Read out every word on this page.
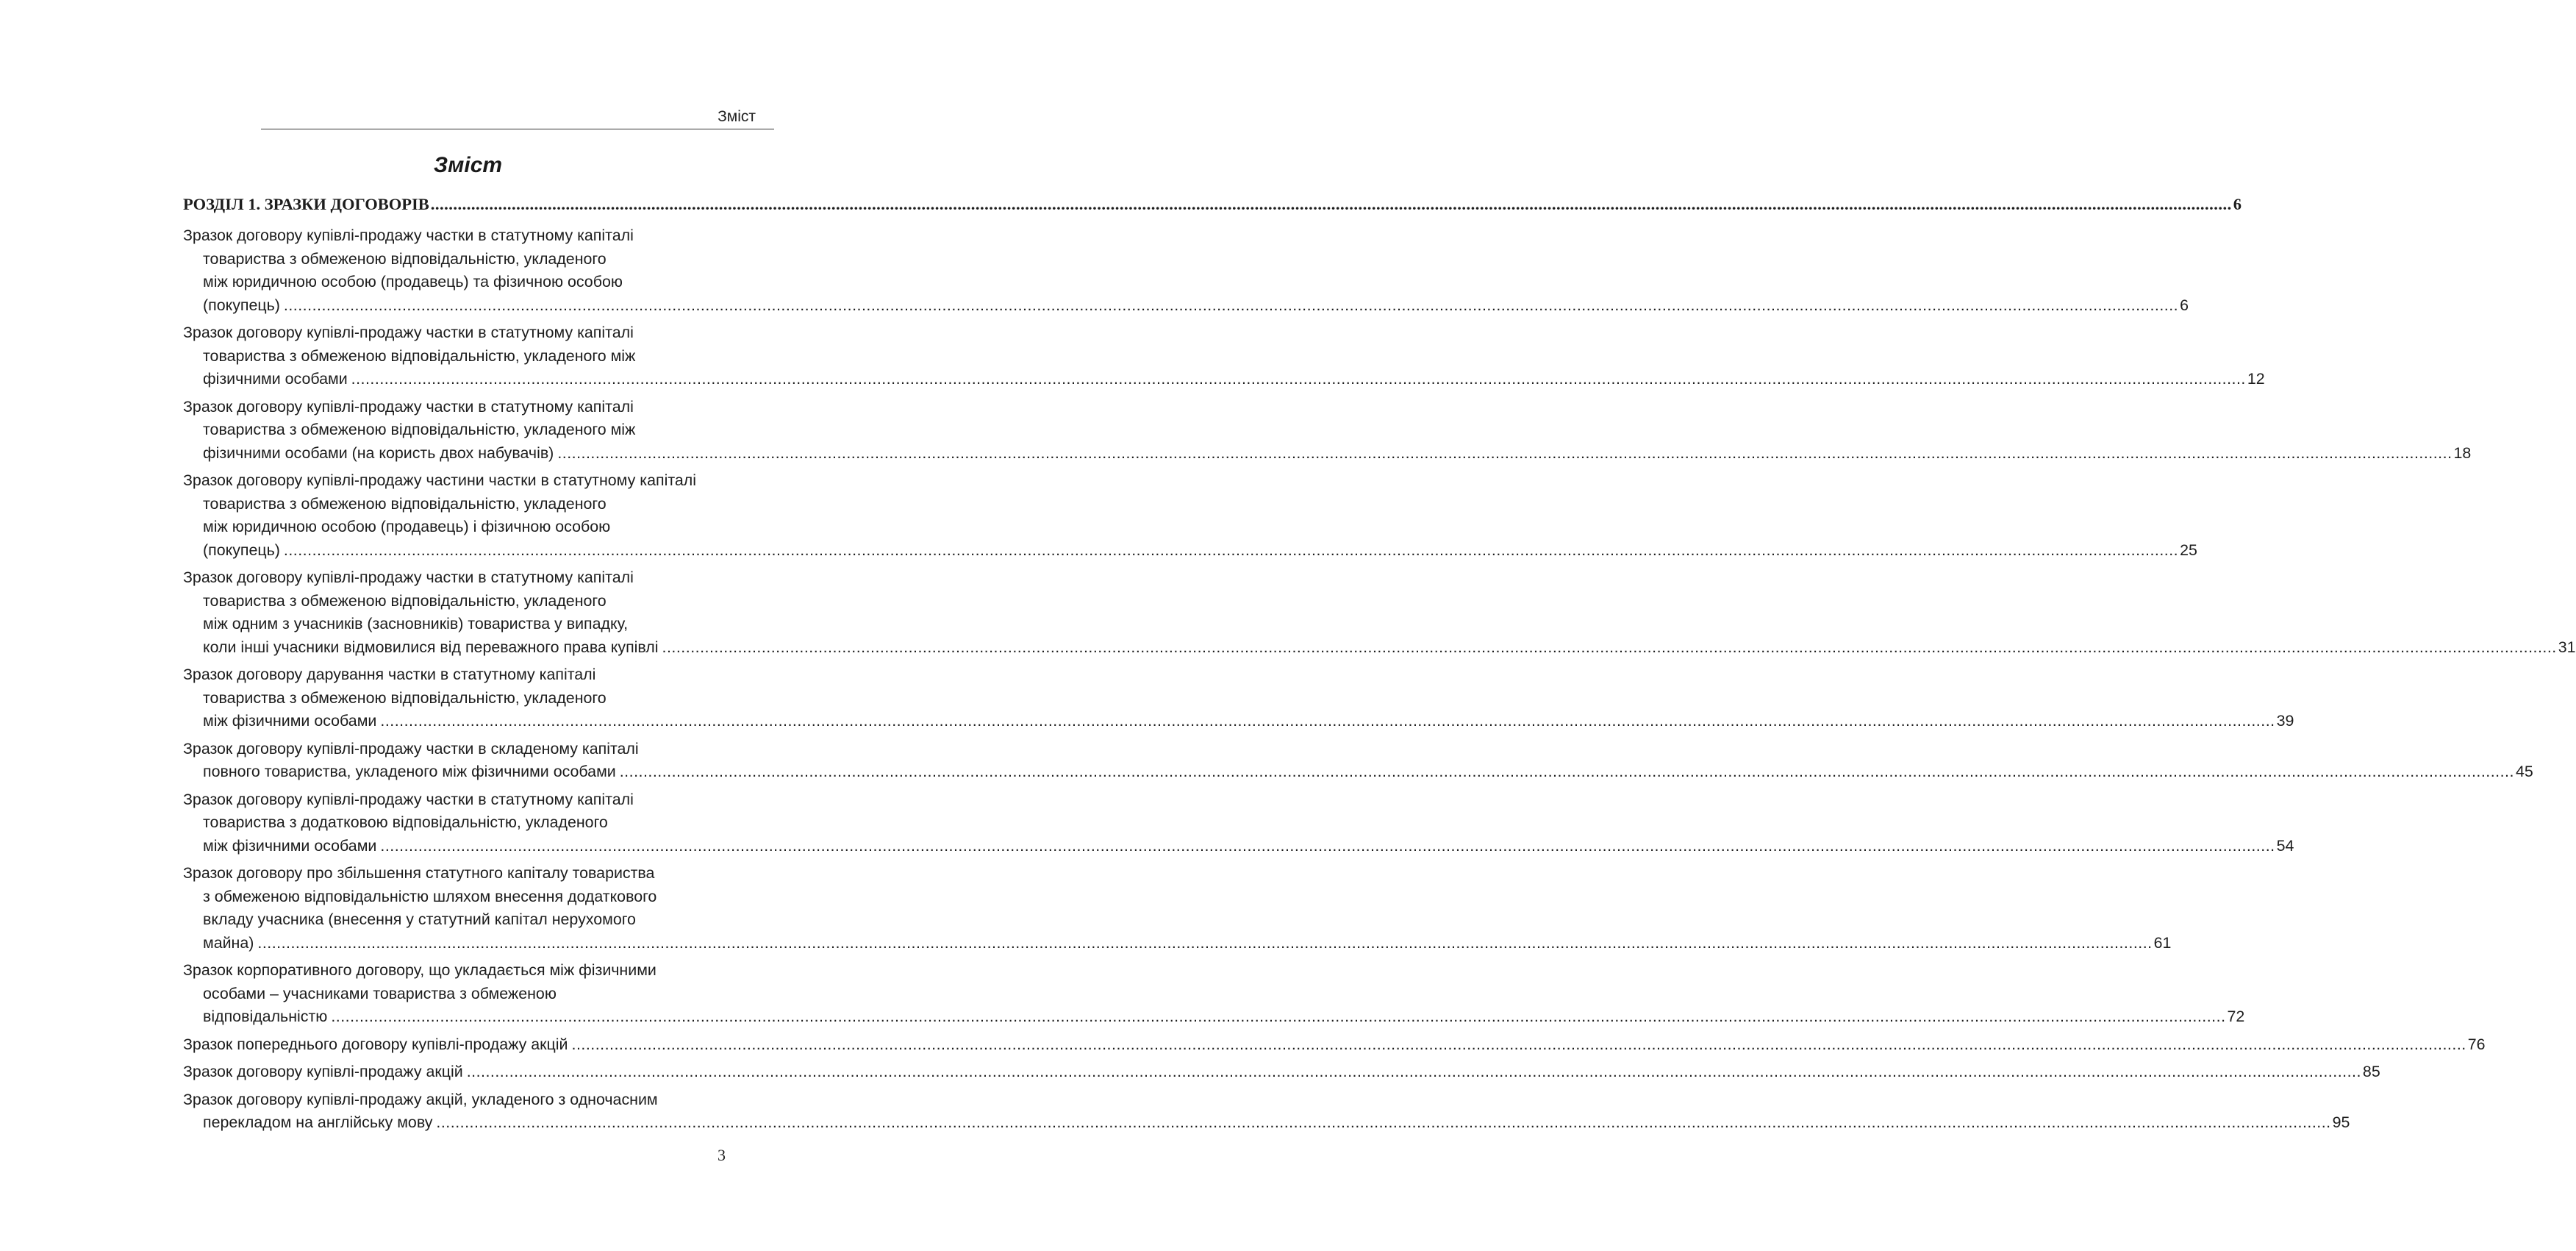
Зміст
Зміст
РОЗДІЛ 1. ЗРАЗКИ ДОГОВОРІВ ................................................................................................................................................................................................................................................................................................................................................................................................................ 6
Зразок договору купівлі-продажу частки в статутному капіталі
товариства з обмеженою відповідальністю, укладеного
між юридичною особою (продавець) та фізичною особою
(покупець) ................................................................................................................................................................................................................................................................................................................................................................................................................ 6
Зразок договору купівлі-продажу частки в статутному капіталі
товариства з обмеженою відповідальністю, укладеного між
фізичними особами ................................................................................................................................................................................................................................................................................................................................................................................................................ 12
Зразок договору купівлі-продажу частки в статутному капіталі
товариства з обмеженою відповідальністю, укладеного між
фізичними особами (на користь двох набувачів) ................................................................................................................................................................................................................................................................................................................................................................................................................ 18
Зразок договору купівлі-продажу частини частки в статутному капіталі
товариства з обмеженою відповідальністю, укладеного
між юридичною особою (продавець) і фізичною особою
(покупець) ................................................................................................................................................................................................................................................................................................................................................................................................................ 25
Зразок договору купівлі-продажу частки в статутному капіталі
товариства з обмеженою відповідальністю, укладеного
між одним з учасників (засновників) товариства у випадку,
коли інші учасники відмовилися від переважного права купівлі ................................................................................................................................................................................................................................................................................................................................................................................................................ 31
Зразок договору дарування частки в статутному капіталі
товариства з обмеженою відповідальністю, укладеного
між фізичними особами ................................................................................................................................................................................................................................................................................................................................................................................................................ 39
Зразок договору купівлі-продажу частки в складеному капіталі
повного товариства, укладеного між фізичними особами ................................................................................................................................................................................................................................................................................................................................................................................................................ 45
Зразок договору купівлі-продажу частки в статутному капіталі
товариства з додатковою відповідальністю, укладеного
між фізичними особами ................................................................................................................................................................................................................................................................................................................................................................................................................ 54
Зразок договору про збільшення статутного капіталу товариства
з обмеженою відповідальністю шляхом внесення додаткового
вкладу учасника (внесення у статутний капітал нерухомого
майна) ................................................................................................................................................................................................................................................................................................................................................................................................................ 61
Зразок корпоративного договору, що укладається між фізичними
особами – учасниками товариства з обмеженою
відповідальністю ................................................................................................................................................................................................................................................................................................................................................................................................................ 72
Зразок попереднього договору купівлі-продажу акцій ................................................................................................................................................................................................................................................................................................................................................................................................................ 76
Зразок договору купівлі-продажу акцій ................................................................................................................................................................................................................................................................................................................................................................................................................ 85
Зразок договору купівлі-продажу акцій, укладеного з одночасним
перекладом на англійську мову ................................................................................................................................................................................................................................................................................................................................................................................................................ 95
3
